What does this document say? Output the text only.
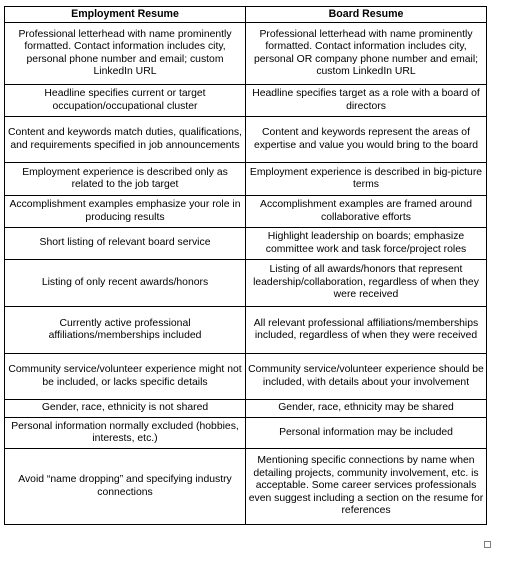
Employment Resume	Board Resume
Professional letterhead with name prominently formatted. Contact information includes city, personal phone number and email; custom LinkedIn URL	Professional letterhead with name prominently formatted. Contact information includes city, personal OR company phone number and email; custom LinkedIn URL
Headline specifies current or target occupation/occupational cluster	Headline specifies target as a role with a board of directors
Content and keywords match duties, qualifications, and requirements specified in job announcements	Content and keywords represent the areas of expertise and value you would bring to the board
Employment experience is described only as related to the job target	Employment experience is described in big-picture terms
Accomplishment examples emphasize your role in producing results	Accomplishment examples are framed around collaborative efforts
Short listing of relevant board service	Highlight leadership on boards; emphasize committee work and task force/project roles
Listing of only recent awards/honors	Listing of all awards/honors that represent leadership/collaboration, regardless of when they were received
Currently active professional affiliations/memberships included	All relevant professional affiliations/memberships included, regardless of when they were received
Community service/volunteer experience might not be included, or lacks specific details	Community service/volunteer experience should be included, with details about your involvement
Gender, race, ethnicity is not shared	Gender, race, ethnicity may be shared
Personal information normally excluded (hobbies, interests, etc.)	Personal information may be included
Avoid “name dropping” and specifying industry connections	Mentioning specific connections by name when detailing projects, community involvement, etc. is acceptable. Some career services professionals even suggest including a section on the resume for references
